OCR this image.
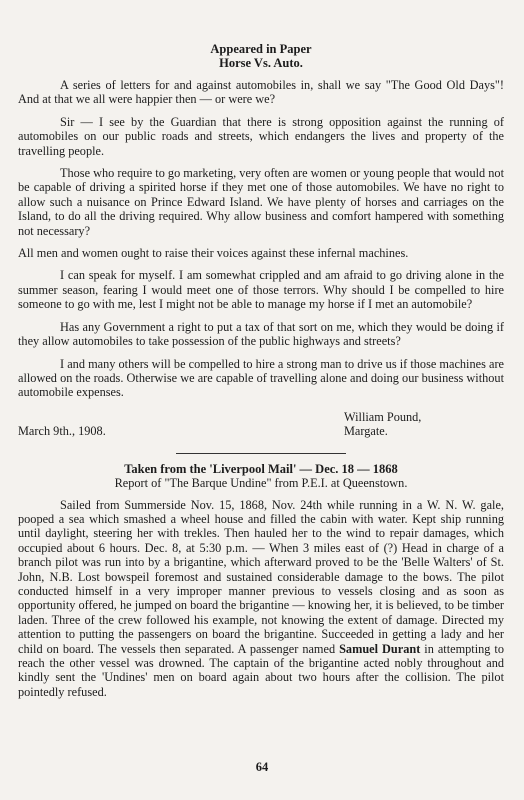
Appeared in Paper

Horse Vs. Auto.

A series of letters for and against automobiles in, shall we say "The Good Old Days"! And at that we all were happier then — or were we?

Sir — I see by the Guardian that there is strong opposition against the running of automobiles on our public roads and streets, which endangers the lives and property of the travelling people.

Those who require to go marketing, very often are women or young people that would not be capable of driving a spirited horse if they met one of those automobiles. We have no right to allow such a nuisance on Prince Edward Island. We have plenty of horses and carriages on the Island, to do all the driving required. Why allow business and comfort hampered with something not necessary?

All men and women ought to raise their voices against these infernal machines.

I can speak for myself. I am somewhat crippled and am afraid to go driving alone in the summer season, fearing I would meet one of those terrors. Why should I be compelled to hire someone to go with me, lest I might not be able to manage my horse if I met an automobile?

Has any Government a right to put a tax of that sort on me, which they would be doing if they allow automobiles to take possession of the public highways and streets?

I and many others will be compelled to hire a strong man to drive us if those machines are allowed on the roads. Otherwise we are capable of travelling alone and doing our business without automobile expenses.

March 9th., 1908.
William Pound,
Margate.

Taken from the 'Liverpool Mail' — Dec. 18 — 1868

Report of "The Barque Undine" from P.E.I. at Queenstown.

Sailed from Summerside Nov. 15, 1868, Nov. 24th while running in a W. N. W. gale, pooped a sea which smashed a wheel house and filled the cabin with water. Kept ship running until daylight, steering her with trekles. Then hauled her to the wind to repair damages, which occupied about 6 hours. Dec. 8, at 5:30 p.m. — When 3 miles east of (?) Head in charge of a branch pilot was run into by a brigantine, which afterward proved to be the 'Belle Walters' of St. John, N.B. Lost bowspeil foremost and sustained considerable damage to the bows. The pilot conducted himself in a very improper manner previous to vessels closing and as soon as opportunity offered, he jumped on board the brigantine — knowing her, it is believed, to be timber laden. Three of the crew followed his example, not knowing the extent of damage. Directed my attention to putting the passengers on board the brigantine. Succeeded in getting a lady and her child on board. The vessels then separated. A passenger named Samuel Durant in attempting to reach the other vessel was drowned. The captain of the brigantine acted nobly throughout and kindly sent the 'Undines' men on board again about two hours after the collision. The pilot pointedly refused.

64
